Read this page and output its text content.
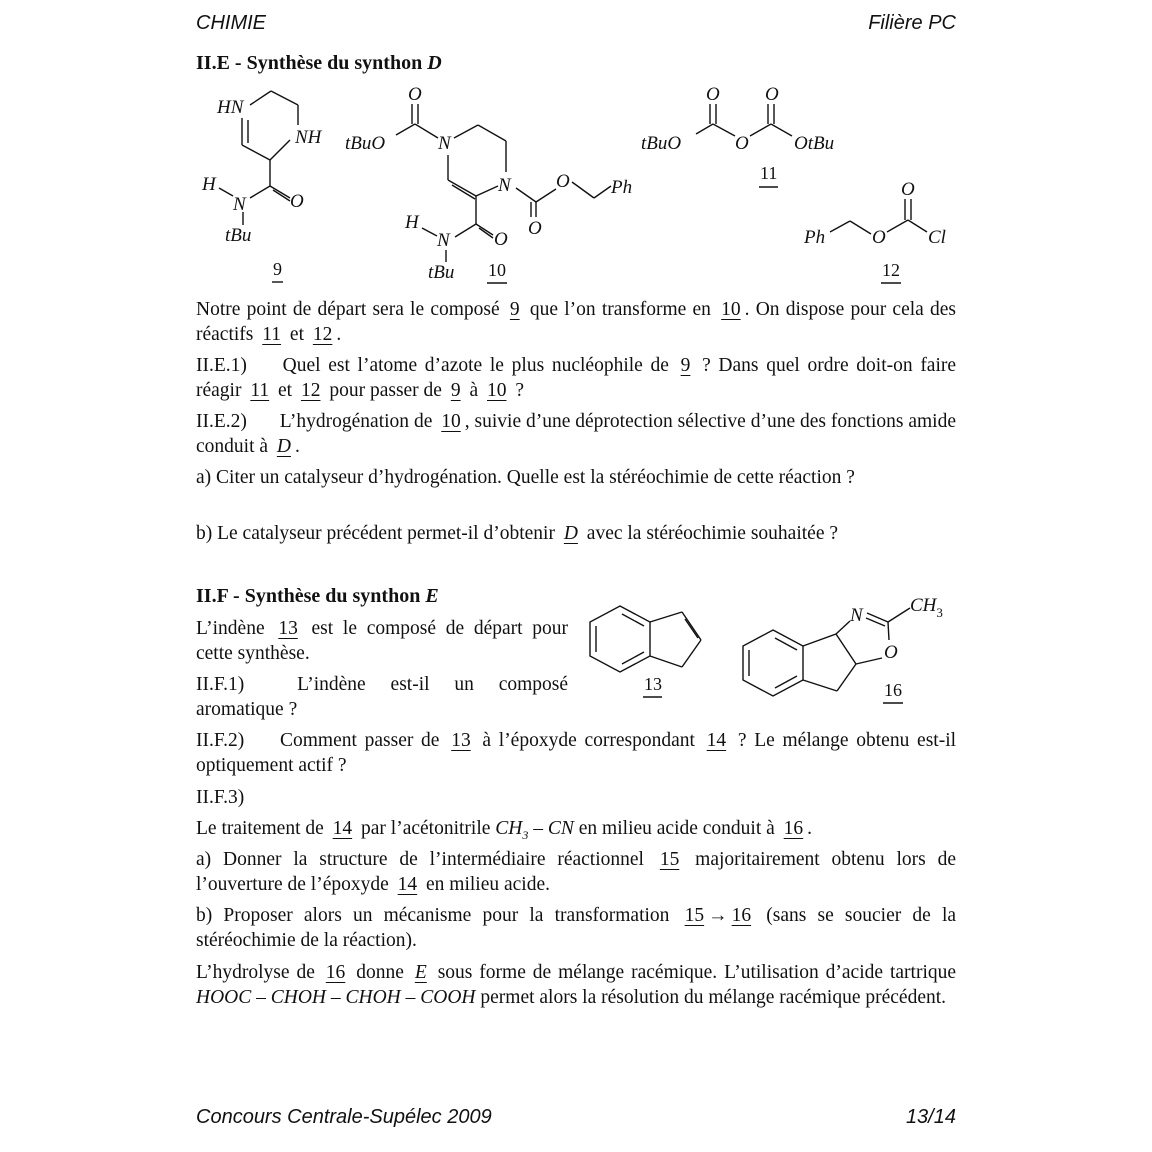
CHIMIE	Filière PC
II.E - Synthèse du synthon D
HN
NH
H
N O
tBu
9
O
tBuO	N
N O Ph
O
H
N O
tBu 10
O O
tBuO	O OtBu
11
O
Ph O Cl
12
Notre point de départ sera le composé 9 que l’on transforme en 10 . On dispose pour cela des réactifs 11 et 12 .
II.E.1) Quel est l’atome d’azote le plus nucléophile de 9 ? Dans quel ordre doit-on faire réagir 11 et 12 pour passer de 9 à 10 ?
II.E.2) L’hydrogénation de 10 , suivie d’une déprotection sélective d’une des fonctions amide conduit à D .
a) Citer un catalyseur d’hydrogénation. Quelle est la stéréochimie de cette réaction ?
b) Le catalyseur précédent permet-il d’obtenir D avec la stéréochimie souhaitée ?
II.F - Synthèse du synthon E
L’indène 13 est le composé de départ pour cette synthèse.
II.F.1)	L’indène est-il un composé aromatique ?
13
N $CH_3$
O
16
II.F.2) Comment passer de 13 à l’époxyde correspondant 14 ? Le mélange obtenu est-il optiquement actif ?
II.F.3)
Le traitement de 14 par l’acétonitrile $CH_3$ – CN en milieu acide conduit à 16 .
a) Donner la structure de l’intermédiaire réactionnel 15 majoritairement obtenu lors de l’ouverture de l’époxyde 14 en milieu acide.
b) Proposer alors un mécanisme pour la transformation 15 → 16 (sans se soucier de la stéréochimie de la réaction).
L’hydrolyse de 16 donne E sous forme de mélange racémique. L’utilisation d’acide tartrique HOOC – CHOH – CHOH – COOH permet alors la résolution du mélange racémique précédent.
Concours Centrale-Supélec 2009	13/14
